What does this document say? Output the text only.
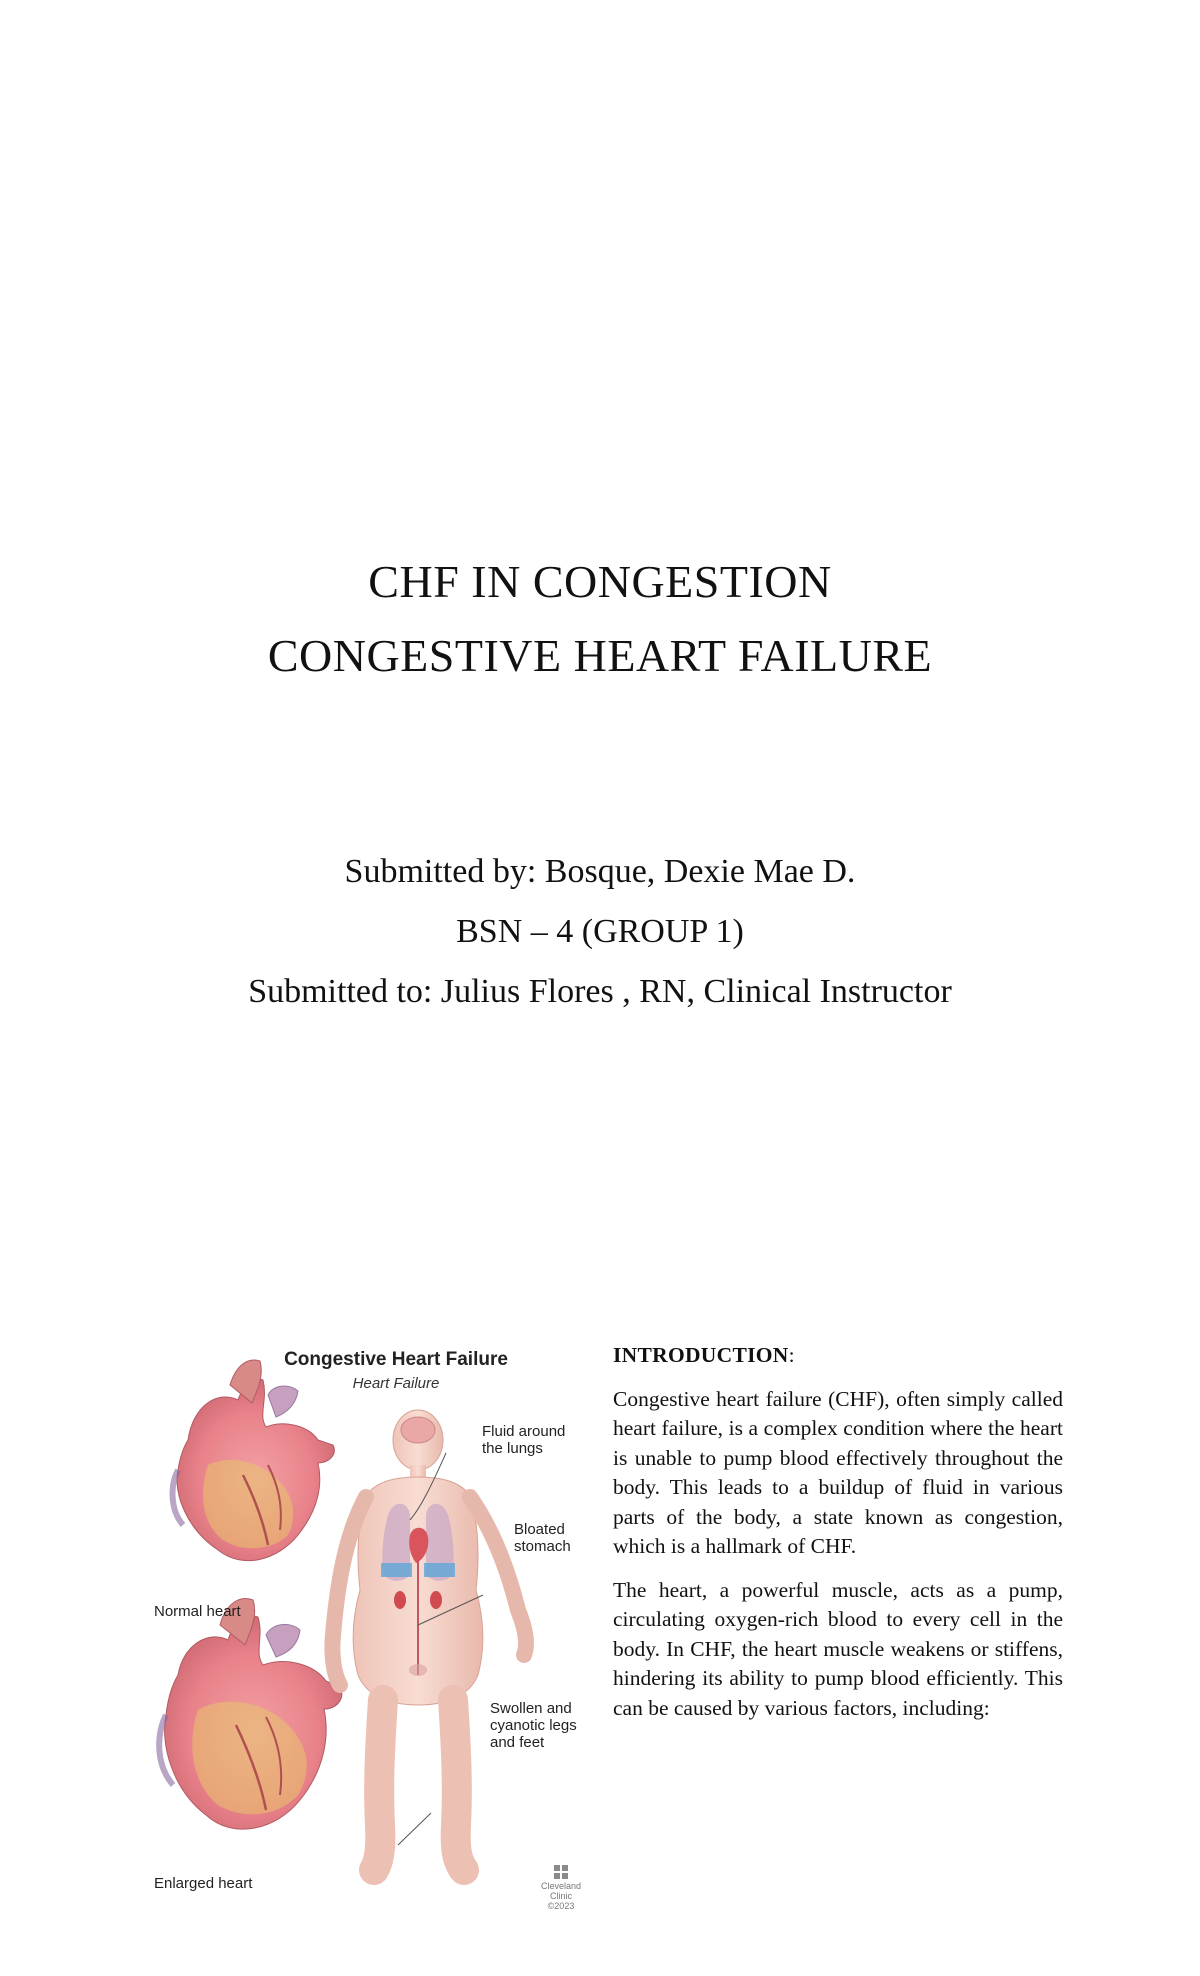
CHF IN CONGESTION
CONGESTIVE HEART FAILURE
Submitted by: Bosque, Dexie Mae D.
BSN – 4 (GROUP 1)
Submitted to: Julius Flores , RN, Clinical Instructor
Congestive Heart Failure
Heart Failure
Fluid around
the lungs
Bloated
stomach
Normal heart
Swollen and
cyanotic legs
and feet
Enlarged heart	Cleveland
Clinic
©2023
INTRODUCTION:

Congestive heart failure (CHF), often simply called heart failure, is a complex condition where the heart is unable to pump blood effectively throughout the body. This leads to a buildup of fluid in various parts of the body, a state known as congestion, which is a hallmark of CHF.

The heart, a powerful muscle, acts as a pump, circulating oxygen-rich blood to every cell in the body. In CHF, the heart muscle weakens or stiffens, hindering its ability to pump blood efficiently. This can be caused by various factors, including:
